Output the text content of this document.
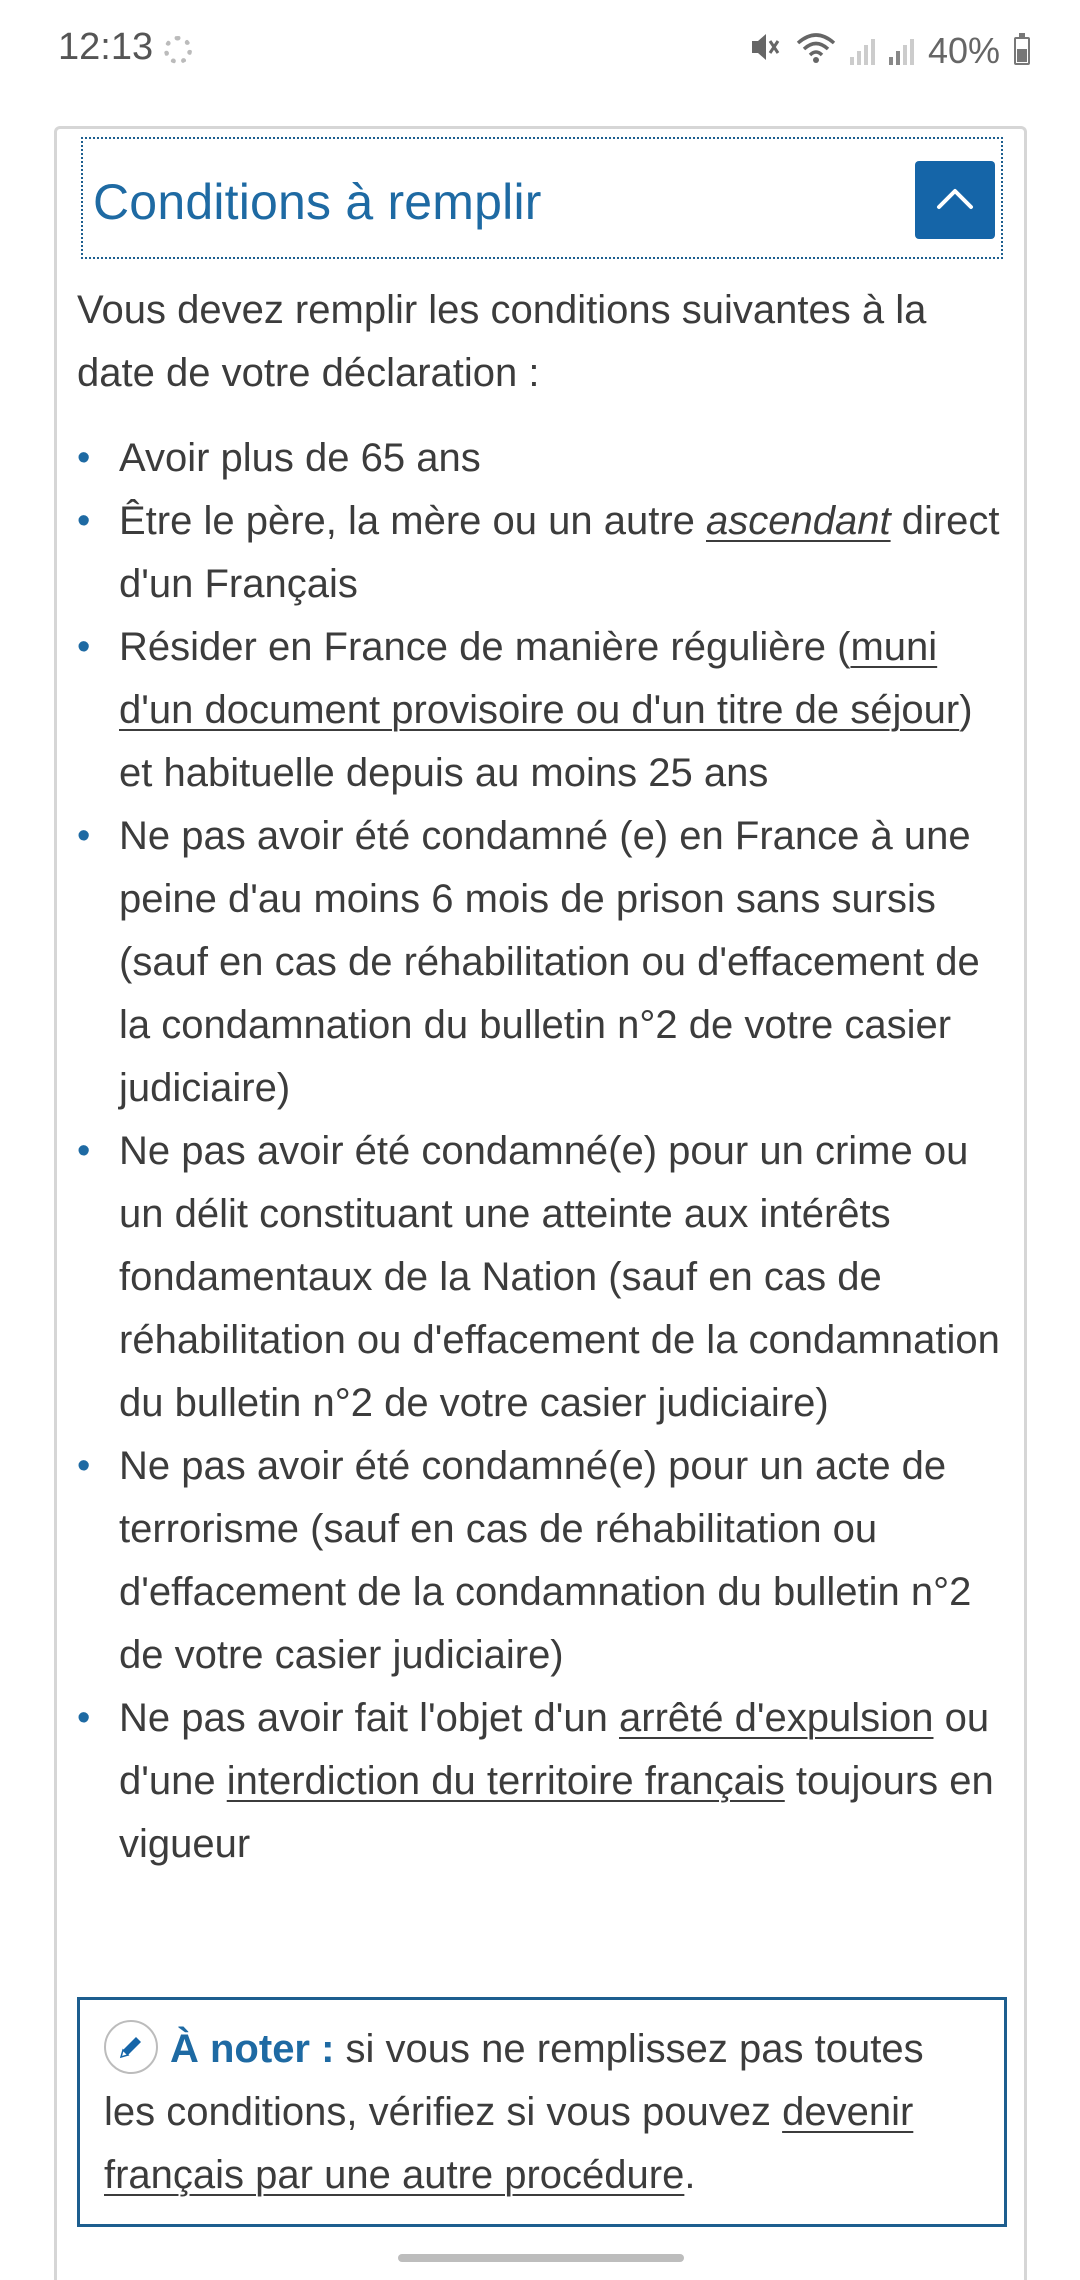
12:13	40%
Conditions à remplir

Vous devez remplir les conditions suivantes à la date de votre déclaration :

• Avoir plus de 65 ans
• Être le père, la mère ou un autre ascendant direct d'un Français
• Résider en France de manière régulière (muni d'un document provisoire ou d'un titre de séjour) et habituelle depuis au moins 25 ans
• Ne pas avoir été condamné (e) en France à une peine d'au moins 6 mois de prison sans sursis (sauf en cas de réhabilitation ou d'effacement de la condamnation du bulletin n°2 de votre casier judiciaire)
• Ne pas avoir été condamné(e) pour un crime ou un délit constituant une atteinte aux intérêts fondamentaux de la Nation (sauf en cas de réhabilitation ou d'effacement de la condamnation du bulletin n°2 de votre casier judiciaire)
• Ne pas avoir été condamné(e) pour un acte de terrorisme (sauf en cas de réhabilitation ou d'effacement de la condamnation du bulletin n°2 de votre casier judiciaire)
• Ne pas avoir fait l'objet d'un arrêté d'expulsion ou d'une interdiction du territoire français toujours en vigueur
À noter : si vous ne remplissez pas toutes les conditions, vérifiez si vous pouvez devenir français par une autre procédure.
